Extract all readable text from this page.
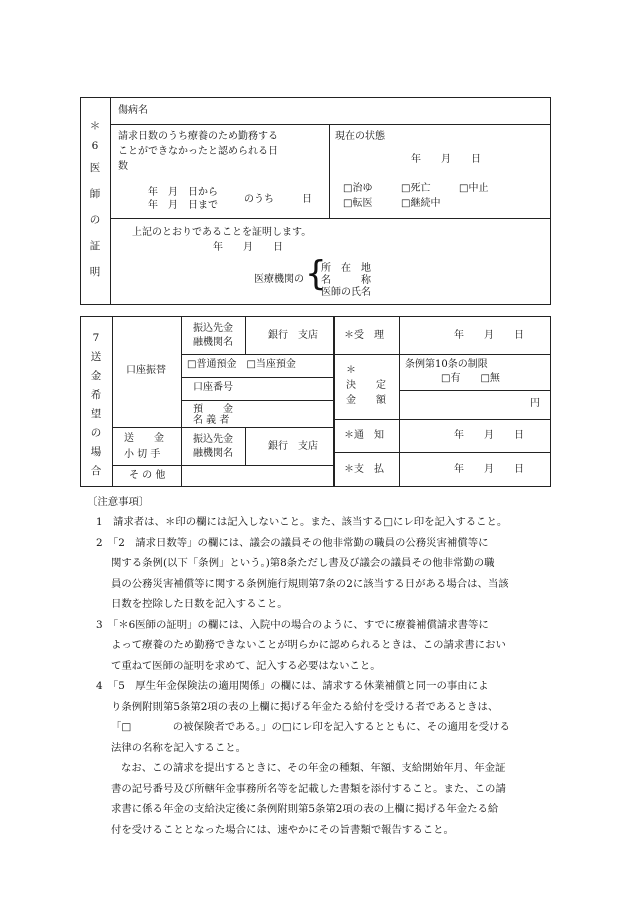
＊
6
医
師
の
証
明
傷病名
請求日数のうち療養のため勤務する
ことができなかったと認められる日
数
年　月　日から
年　月　日まで
のうち	日
現在の状態
年　　月　　日
□治ゆ	□死亡	□中止
□転医	□継続中
上記のとおりであることを証明します。
年　　月　　日
医療機関の {
所　在　地
名　　　称
医師の氏名
7
送
金
希
望
の
場
合
口座振替
振込先金
融機関名
銀行　支店
□普通預金　□当座預金
口座番号
預　　金
名 義 者
送　　金
小 切 手
振込先金
融機関名
銀行　支店
そ の 他
＊受　理	年　　月　　日
＊
決　　定
金　　額
条例第10条の制限
□有　　□無
円
＊通　知	年　　月　　日
＊支　払	年　　月　　日
〔注意事項〕

1　請求者は、＊印の欄には記入しないこと。また、該当する□にレ印を記入すること。

2　「2　請求日数等」の欄には、議会の議員その他非常勤の職員の公務災害補償等に

関する条例(以下「条例」という。)第8条ただし書及び議会の議員その他非常勤の職

員の公務災害補償等に関する条例施行規則第7条の2に該当する日がある場合は、当該

日数を控除した日数を記入すること。

3　「＊6医師の証明」の欄には、入院中の場合のように、すでに療養補償請求書等に

よって療養のため勤務できないことが明らかに認められるときは、この請求書におい

て重ねて医師の証明を求めて、記入する必要はないこと。

4　「5　厚生年金保険法の適用関係」の欄には、請求する休業補償と同一の事由によ

り条例附則第5条第2項の表の上欄に掲げる年金たる給付を受ける者であるときは、

「□　　　　の被保険者である。」の□にレ印を記入するとともに、その適用を受ける

法律の名称を記入すること。

なお、この請求を提出するときに、その年金の種類、年額、支給開始年月、年金証

書の記号番号及び所轄年金事務所名等を記載した書類を添付すること。また、この請

求書に係る年金の支給決定後に条例附則第5条第2項の表の上欄に掲げる年金たる給

付を受けることとなった場合には、速やかにその旨書類で報告すること。
